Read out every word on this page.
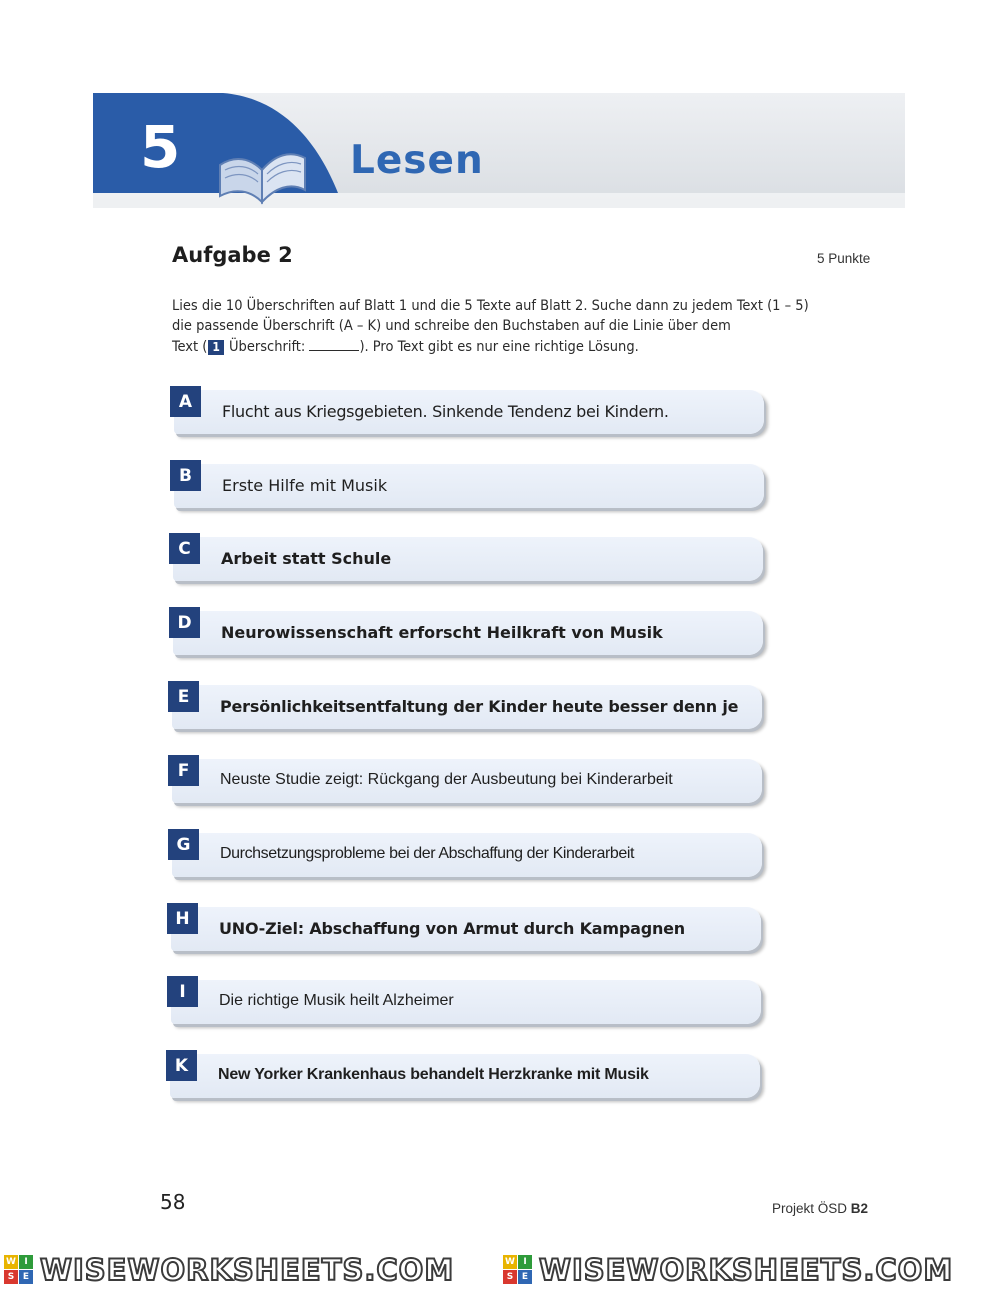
5	Lesen
Aufgabe 2	5 Punkte
Lies die 10 Überschriften auf Blatt 1 und die 5 Texte auf Blatt 2. Suche dann zu jedem Text (1 – 5)
die passende Überschrift (A – K) und schreibe den Buchstaben auf die Linie über dem
Text ( 1 Überschrift:	). Pro Text gibt es nur eine richtige Lösung.
A	Flucht aus Kriegsgebieten. Sinkende Tendenz bei Kindern.
B	Erste Hilfe mit Musik
C	Arbeit statt Schule
D	Neurowissenschaft erforscht Heilkraft von Musik
E	Persönlichkeitsentfaltung der Kinder heute besser denn je
F	Neuste Studie zeigt: Rückgang der Ausbeutung bei Kinderarbeit
G	Durchsetzungsprobleme bei der Abschaffung der Kinderarbeit
H	UNO-Ziel: Abschaffung von Armut durch Kampagnen
I	Die richtige Musik heilt Alzheimer
K	New Yorker Krankenhaus behandelt Herzkranke mit Musik
58	Projekt ÖSD B2
W I
S E WISEWORKSHEETS.COM	W I
S E WISEWORKSHEETS.COM
